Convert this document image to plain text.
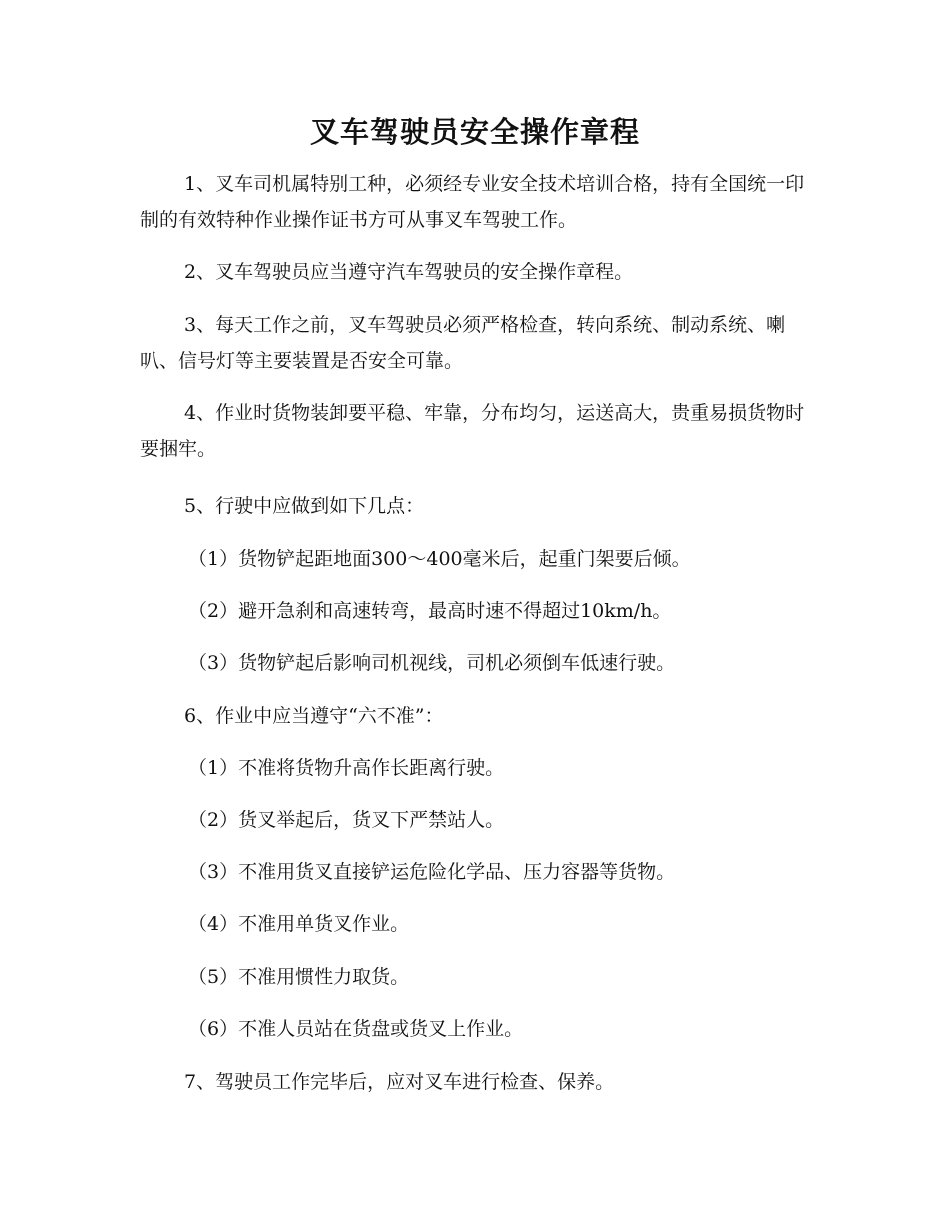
叉车驾驶员安全操作章程
1、叉车司机属特别工种，必须经专业安全技术培训合格，持有全国统一印制的有效特种作业操作证书方可从事叉车驾驶工作。
2、叉车驾驶员应当遵守汽车驾驶员的安全操作章程。
3、每天工作之前，叉车驾驶员必须严格检查，转向系统、制动系统、喇叭、信号灯等主要装置是否安全可靠。
4、作业时货物装卸要平稳、牢靠，分布均匀，运送高大，贵重易损货物时要捆牢。
5、行驶中应做到如下几点：
（1）货物铲起距地面300～400毫米后，起重门架要后倾。
（2）避开急刹和高速转弯，最高时速不得超过10km/h。
（3）货物铲起后影响司机视线，司机必须倒车低速行驶。
6、作业中应当遵守“六不准”：
（1）不准将货物升高作长距离行驶。
（2）货叉举起后，货叉下严禁站人。
（3）不准用货叉直接铲运危险化学品、压力容器等货物。
（4）不准用单货叉作业。
（5）不准用惯性力取货。
（6）不准人员站在货盘或货叉上作业。
7、驾驶员工作完毕后，应对叉车进行检查、保养。
